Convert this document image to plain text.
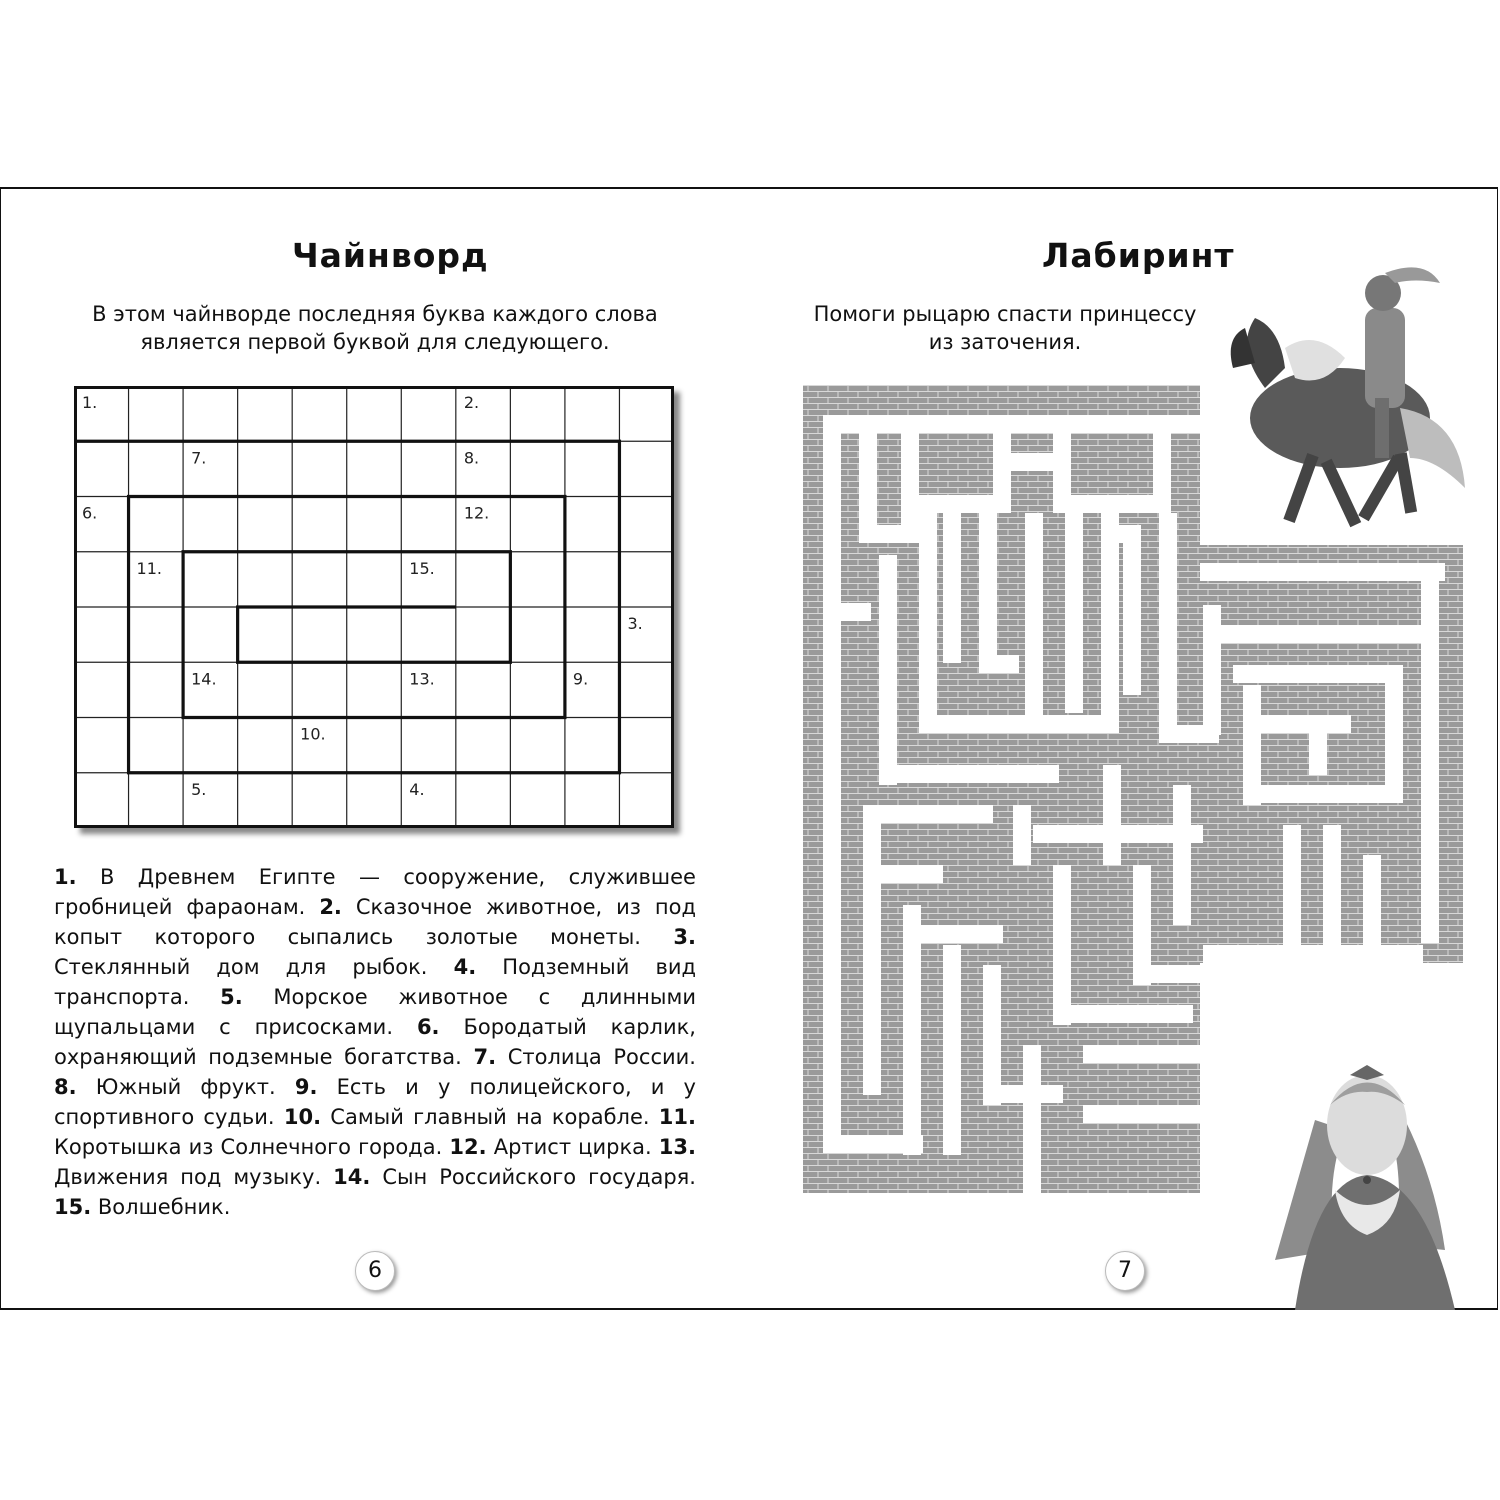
Чайнворд
В этом чайнворде последняя буква каждого слова
является первой буквой для следующего.
1.	2.
7.	8.
6.	12.
11.	15.
3.
14.	13.	9.
10.
5.	4.
1. В Древнем Египте — сооружение, служившее гробницей фараонам. 2. Сказочное животное, из под копыт которого сыпались золотые монеты. 3. Стеклянный дом для рыбок. 4. Подземный вид транспорта. 5. Морское животное с длинными щупальцами с присосками. 6. Бородатый карлик, охраняющий подземные богатства. 7. Столица России. 8. Южный фрукт. 9. Есть и у полицейского, и у спортивного судьи. 10. Самый главный на корабле. 11. Коротышка из Солнечного города. 12. Артист цирка. 13. Движения под музыку. 14. Сын Российского государя. 15. Волшебник.
6
Лабиринт
Помоги рыцарю спасти принцессу
из заточения.
7
